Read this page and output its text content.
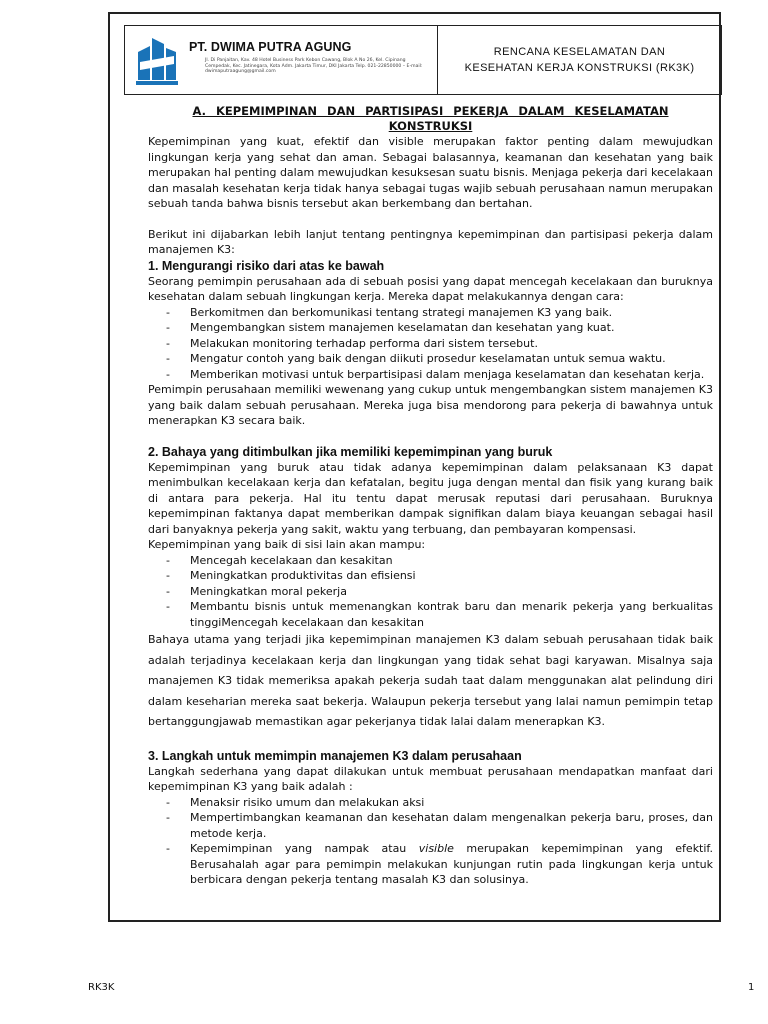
PT. DWIMA PUTRA AGUNG
Jl. Di Panjaitan, Kav. 48 Hotel Business Park Kebon Cawang, Blok A No 26, Kel. Cipinang Cempedak, Kec. Jatinegara, Kota Adm. Jakarta Timur, DKI Jakarta Telp. 021-22850000 – E-mail: dwimaputraagung@gmail.com
RENCANA KESELAMATAN DAN
KESEHATAN KERJA KONSTRUKSI (RK3K)
A. KEPEMIMPINAN DAN PARTISIPASI PEKERJA DALAM KESELAMATAN KONSTRUKSI

Kepemimpinan yang kuat, efektif dan visible merupakan faktor penting dalam mewujudkan lingkungan kerja yang sehat dan aman. Sebagai balasannya, keamanan dan kesehatan yang baik merupakan hal penting dalam mewujudkan kesuksesan suatu bisnis. Menjaga pekerja dari kecelakaan dan masalah kesehatan kerja tidak hanya sebagai tugas wajib sebuah perusahaan namun merupakan sebuah tanda bahwa bisnis tersebut akan berkembang dan bertahan.

Berikut ini dijabarkan lebih lanjut tentang pentingnya kepemimpinan dan partisipasi pekerja dalam manajemen K3:

1. Mengurangi risiko dari atas ke bawah

Seorang pemimpin perusahaan ada di sebuah posisi yang dapat mencegah kecelakaan dan buruknya kesehatan dalam sebuah lingkungan kerja. Mereka dapat melakukannya dengan cara:

- Berkomitmen dan berkomunikasi tentang strategi manajemen K3 yang baik.
- Mengembangkan sistem manajemen keselamatan dan kesehatan yang kuat.
- Melakukan monitoring terhadap performa dari sistem tersebut.
- Mengatur contoh yang baik dengan diikuti prosedur keselamatan untuk semua waktu.
- Memberikan motivasi untuk berpartisipasi dalam menjaga keselamatan dan kesehatan kerja.

Pemimpin perusahaan memiliki wewenang yang cukup untuk mengembangkan sistem manajemen K3 yang baik dalam sebuah perusahaan. Mereka juga bisa mendorong para pekerja di bawahnya untuk menerapkan K3 secara baik.

2. Bahaya yang ditimbulkan jika memiliki kepemimpinan yang buruk

Kepemimpinan yang buruk atau tidak adanya kepemimpinan dalam pelaksanaan K3 dapat menimbulkan kecelakaan kerja dan kefatalan, begitu juga dengan mental dan fisik yang kurang baik di antara para pekerja. Hal itu tentu dapat merusak reputasi dari perusahaan. Buruknya kepemimpinan faktanya dapat memberikan dampak signifikan dalam biaya keuangan sebagai hasil dari banyaknya pekerja yang sakit, waktu yang terbuang, dan pembayaran kompensasi.

Kepemimpinan yang baik di sisi lain akan mampu:

- Mencegah kecelakaan dan kesakitan
- Meningkatkan produktivitas dan efisiensi
- Meningkatkan moral pekerja
- Membantu bisnis untuk memenangkan kontrak baru dan menarik pekerja yang berkualitas tinggiMencegah kecelakaan dan kesakitan

Bahaya utama yang terjadi jika kepemimpinan manajemen K3 dalam sebuah perusahaan tidak baik adalah terjadinya kecelakaan kerja dan lingkungan yang tidak sehat bagi karyawan. Misalnya saja manajemen K3 tidak memeriksa apakah pekerja sudah taat dalam menggunakan alat pelindung diri dalam keseharian mereka saat bekerja. Walaupun pekerja tersebut yang lalai namun pemimpin tetap bertanggungjawab memastikan agar pekerjanya tidak lalai dalam menerapkan K3.

3. Langkah untuk memimpin manajemen K3 dalam perusahaan

Langkah sederhana yang dapat dilakukan untuk membuat perusahaan mendapatkan manfaat dari kepemimpinan K3 yang baik adalah :

- Menaksir risiko umum dan melakukan aksi
- Mempertimbangkan keamanan dan kesehatan dalam mengenalkan pekerja baru, proses, dan metode kerja.
- Kepemimpinan yang nampak atau visible merupakan kepemimpinan yang efektif. Berusahalah agar para pemimpin melakukan kunjungan rutin pada lingkungan kerja untuk berbicara dengan pekerja tentang masalah K3 dan solusinya.
RK3K	1
